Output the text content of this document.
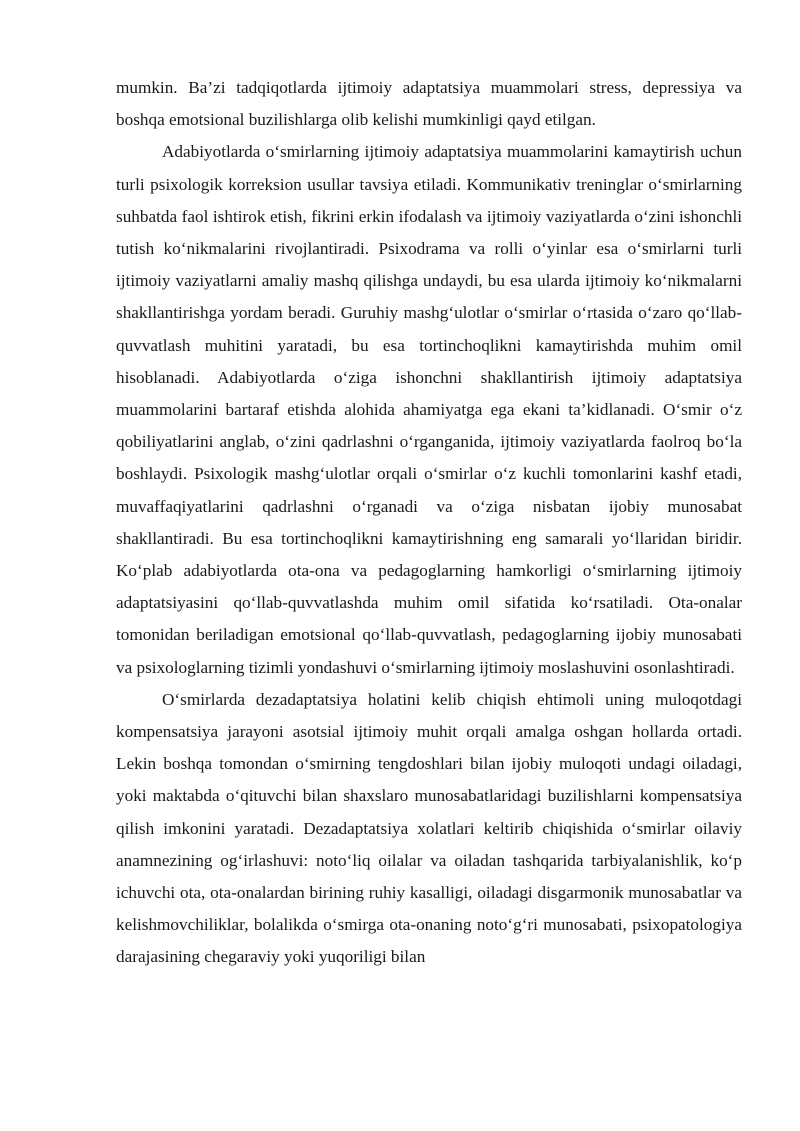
mumkin. Ba’zi tadqiqotlarda ijtimoiy adaptatsiya muammolari stress, depressiya va boshqa emotsional buzilishlarga olib kelishi mumkinligi qayd etilgan.

Adabiyotlarda o‘smirlarning ijtimoiy adaptatsiya muammolarini kamaytirish uchun turli psixologik korreksion usullar tavsiya etiladi. Kommunikativ treninglar o‘smirlarning suhbatda faol ishtirok etish, fikrini erkin ifodalash va ijtimoiy vaziyatlarda o‘zini ishonchli tutish ko‘nikmalarini rivojlantiradi. Psixodrama va rolli o‘yinlar esa o‘smirlarni turli ijtimoiy vaziyatlarni amaliy mashq qilishga undaydi, bu esa ularda ijtimoiy ko‘nikmalarni shakllantirishga yordam beradi. Guruhiy mashg‘ulotlar o‘smirlar o‘rtasida o‘zaro qo‘llab-quvvatlash muhitini yaratadi, bu esa tortinchoqlikni kamaytirishda muhim omil hisoblanadi. Adabiyotlarda o‘ziga ishonchni shakllantirish ijtimoiy adaptatsiya muammolarini bartaraf etishda alohida ahamiyatga ega ekani ta’kidlanadi. O‘smir o‘z qobiliyatlarini anglab, o‘zini qadrlashni o‘rganganida, ijtimoiy vaziyatlarda faolroq bo‘la boshlaydi. Psixologik mashg‘ulotlar orqali o‘smirlar o‘z kuchli tomonlarini kashf etadi, muvaffaqiyatlarini qadrlashni o‘rganadi va o‘ziga nisbatan ijobiy munosabat shakllantiradi. Bu esa tortinchoqlikni kamaytirishning eng samarali yo‘llaridan biridir. Ko‘plab adabiyotlarda ota-ona va pedagoglarning hamkorligi o‘smirlarning ijtimoiy adaptatsiyasini qo‘llab-quvvatlashda muhim omil sifatida ko‘rsatiladi. Ota-onalar tomonidan beriladigan emotsional qo‘llab-quvvatlash, pedagoglarning ijobiy munosabati va psixologlarning tizimli yondashuvi o‘smirlarning ijtimoiy moslashuvini osonlashtiradi.

O‘smirlarda dezadaptatsiya holatini kelib chiqish ehtimoli uning muloqotdagi kompensatsiya jarayoni asotsial ijtimoiy muhit orqali amalga oshgan hollarda ortadi. Lekin boshqa tomondan o‘smirning tengdoshlari bilan ijobiy muloqoti undagi oiladagi, yoki maktabda o‘qituvchi bilan shaxslaro munosabatlaridagi buzilishlarni kompensatsiya qilish imkonini yaratadi. Dezadaptatsiya xolatlari keltirib chiqishida o‘smirlar oilaviy anamnezining og‘irlashuvi: noto‘liq oilalar va oiladan tashqarida tarbiyalanishlik, ko‘p ichuvchi ota, ota-onalardan birining ruhiy kasalligi, oiladagi disgarmonik munosabatlar va kelishmovchiliklar, bolalikda o‘smirga ota-onaning noto‘g‘ri munosabati, psixopatologiya darajasining chegaraviy yoki yuqoriligi bilan
